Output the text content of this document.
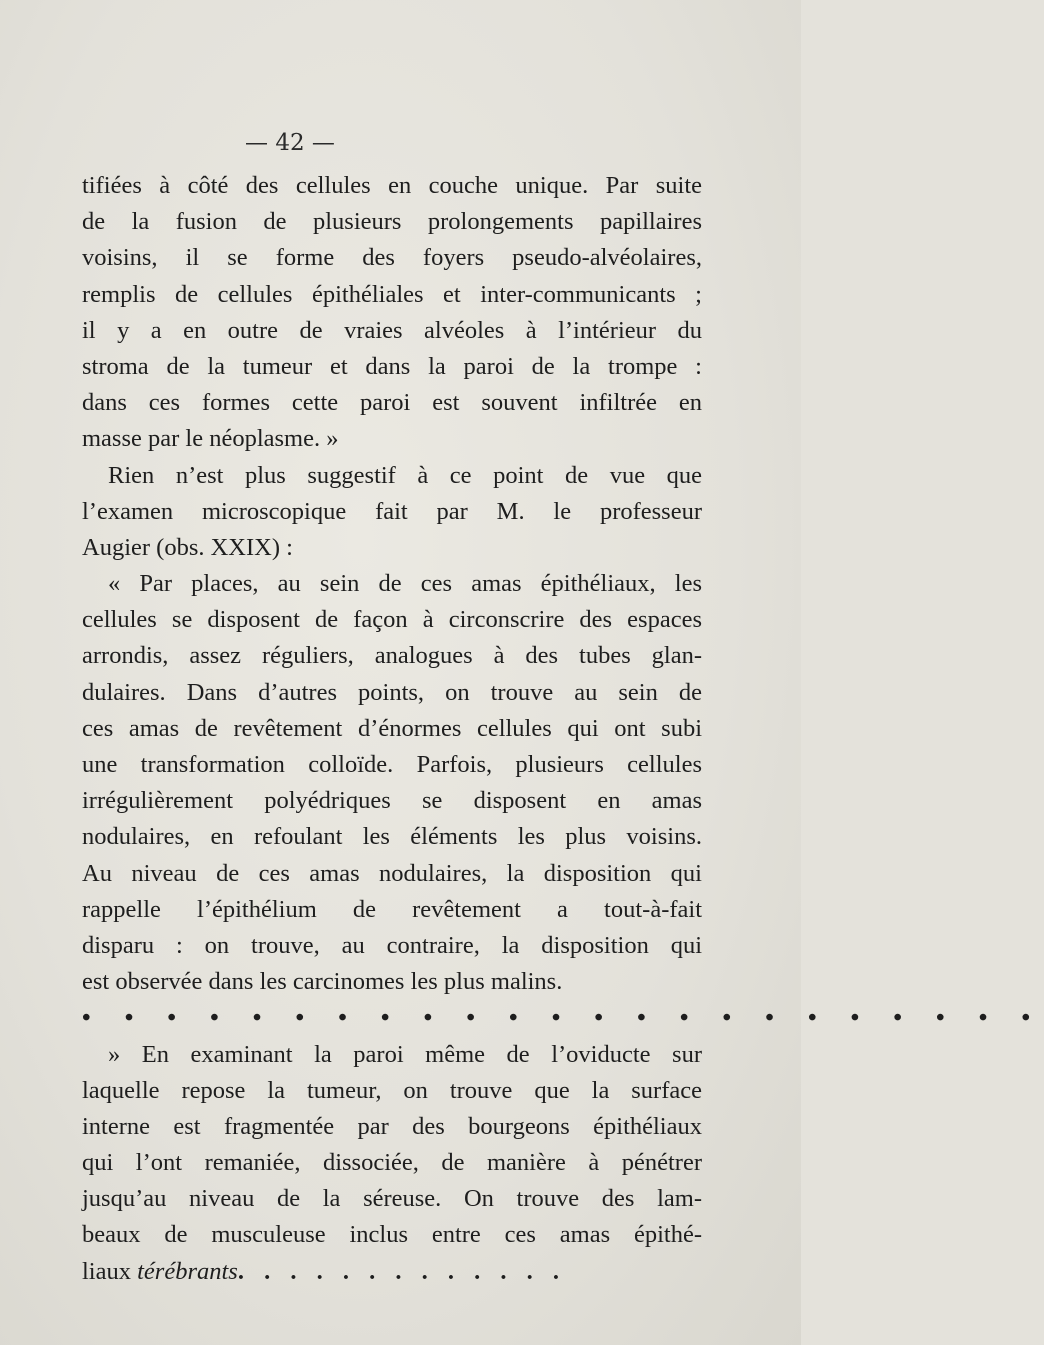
— 42 —
tifiées à côté des cellules en couche unique. Par suite
de la fusion de plusieurs prolongements papillaires
voisins, il se forme des foyers pseudo-alvéolaires,
remplis de cellules épithéliales et inter-communicants ;
il y a en outre de vraies alvéoles à l’intérieur du
stroma de la tumeur et dans la paroi de la trompe :
dans ces formes cette paroi est souvent infiltrée en
masse par le néoplasme. »
Rien n’est plus suggestif à ce point de vue que
l’examen microscopique fait par M. le professeur
Augier (obs. XXIX) :
« Par places, au sein de ces amas épithéliaux, les
cellules se disposent de façon à circonscrire des espaces
arrondis, assez réguliers, analogues à des tubes glan-
dulaires. Dans d’autres points, on trouve au sein de
ces amas de revêtement d’énormes cellules qui ont subi
une transformation colloïde. Parfois, plusieurs cellules
irrégulièrement polyédriques se disposent en amas
nodulaires, en refoulant les éléments les plus voisins.
Au niveau de ces amas nodulaires, la disposition qui
rappelle l’épithélium de revêtement a tout-à-fait
disparu : on trouve, au contraire, la disposition qui
est observée dans les carcinomes les plus malins.
• • • • • • • • • • • • • • • • • • • • • • •
» En examinant la paroi même de l’oviducte sur
laquelle repose la tumeur, on trouve que la surface
interne est fragmentée par des bourgeons épithéliaux
qui l’ont remaniée, dissociée, de manière à pénétrer
jusqu’au niveau de la séreuse. On trouve des lam-
beaux de musculeuse inclus entre ces amas épithé-
liaux térébrants. . . . . . . . . . . . .
